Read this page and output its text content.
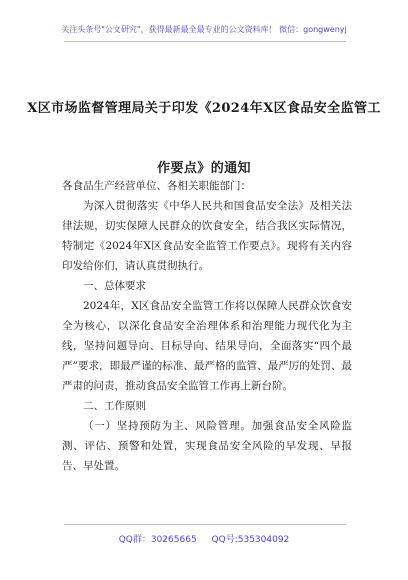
关注头条号"公文研究"，获得最新最全最专业的公文资料库！ 微信：gongwenyj
X区市场监督管理局关于印发《2024年X区食品安全监管工
作要点》的通知

各食品生产经营单位、各相关职能部门：

为深入贯彻落实《中华人民共和国食品安全法》及相关法律法规，切实保障人民群众的饮食安全，结合我区实际情况，特制定《2024年X区食品安全监管工作要点》。现将有关内容印发给你们，请认真贯彻执行。

一、总体要求

2024年，X区食品安全监管工作将以保障人民群众饮食安全为核心，以深化食品安全治理体系和治理能力现代化为主线，坚持问题导向、目标导向、结果导向，全面落实“四个最严”要求，即最严谨的标准、最严格的监管、最严厉的处罚、最严肃的问责，推动食品安全监管工作再上新台阶。

二、工作原则

（一）坚持预防为主、风险管理。加强食品安全风险监测、评估、预警和处置，实现食品安全风险的早发现、早报告、早处置。

QQ群：30265665 QQ号:535304092
